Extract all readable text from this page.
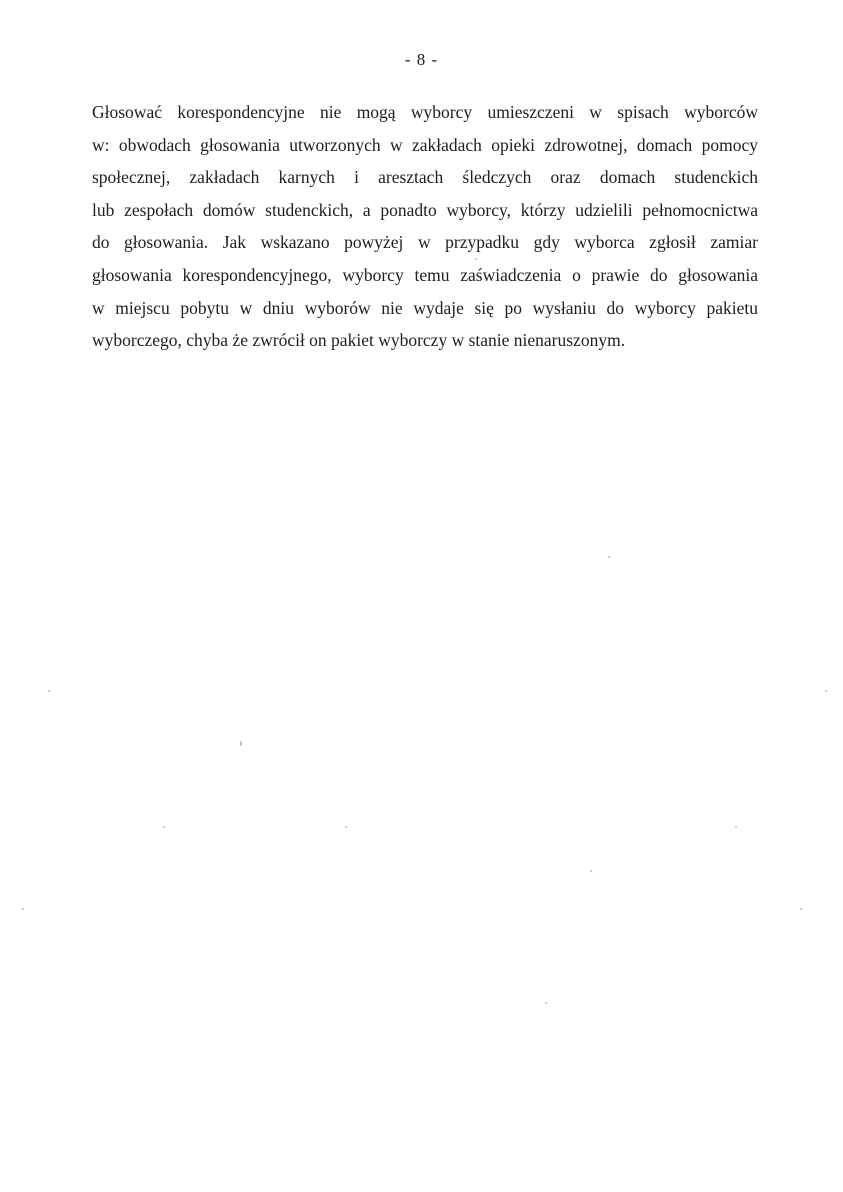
- 8 -
Głosować korespondencyjne nie mogą wyborcy umieszczeni w spisach wyborców
w: obwodach głosowania utworzonych w zakładach opieki zdrowotnej, domach pomocy
społecznej, zakładach karnych i aresztach śledczych oraz domach studenckich
lub zespołach domów studenckich, a ponadto wyborcy, którzy udzielili pełnomocnictwa
do głosowania. Jak wskazano powyżej w przypadku gdy wyborca zgłosił zamiar
głosowania korespondencyjnego, wyborcy temu zaświadczenia o prawie do głosowania
w miejscu pobytu w dniu wyborów nie wydaje się po wysłaniu do wyborcy pakietu
wyborczego, chyba że zwrócił on pakiet wyborczy w stanie nienaruszonym.
